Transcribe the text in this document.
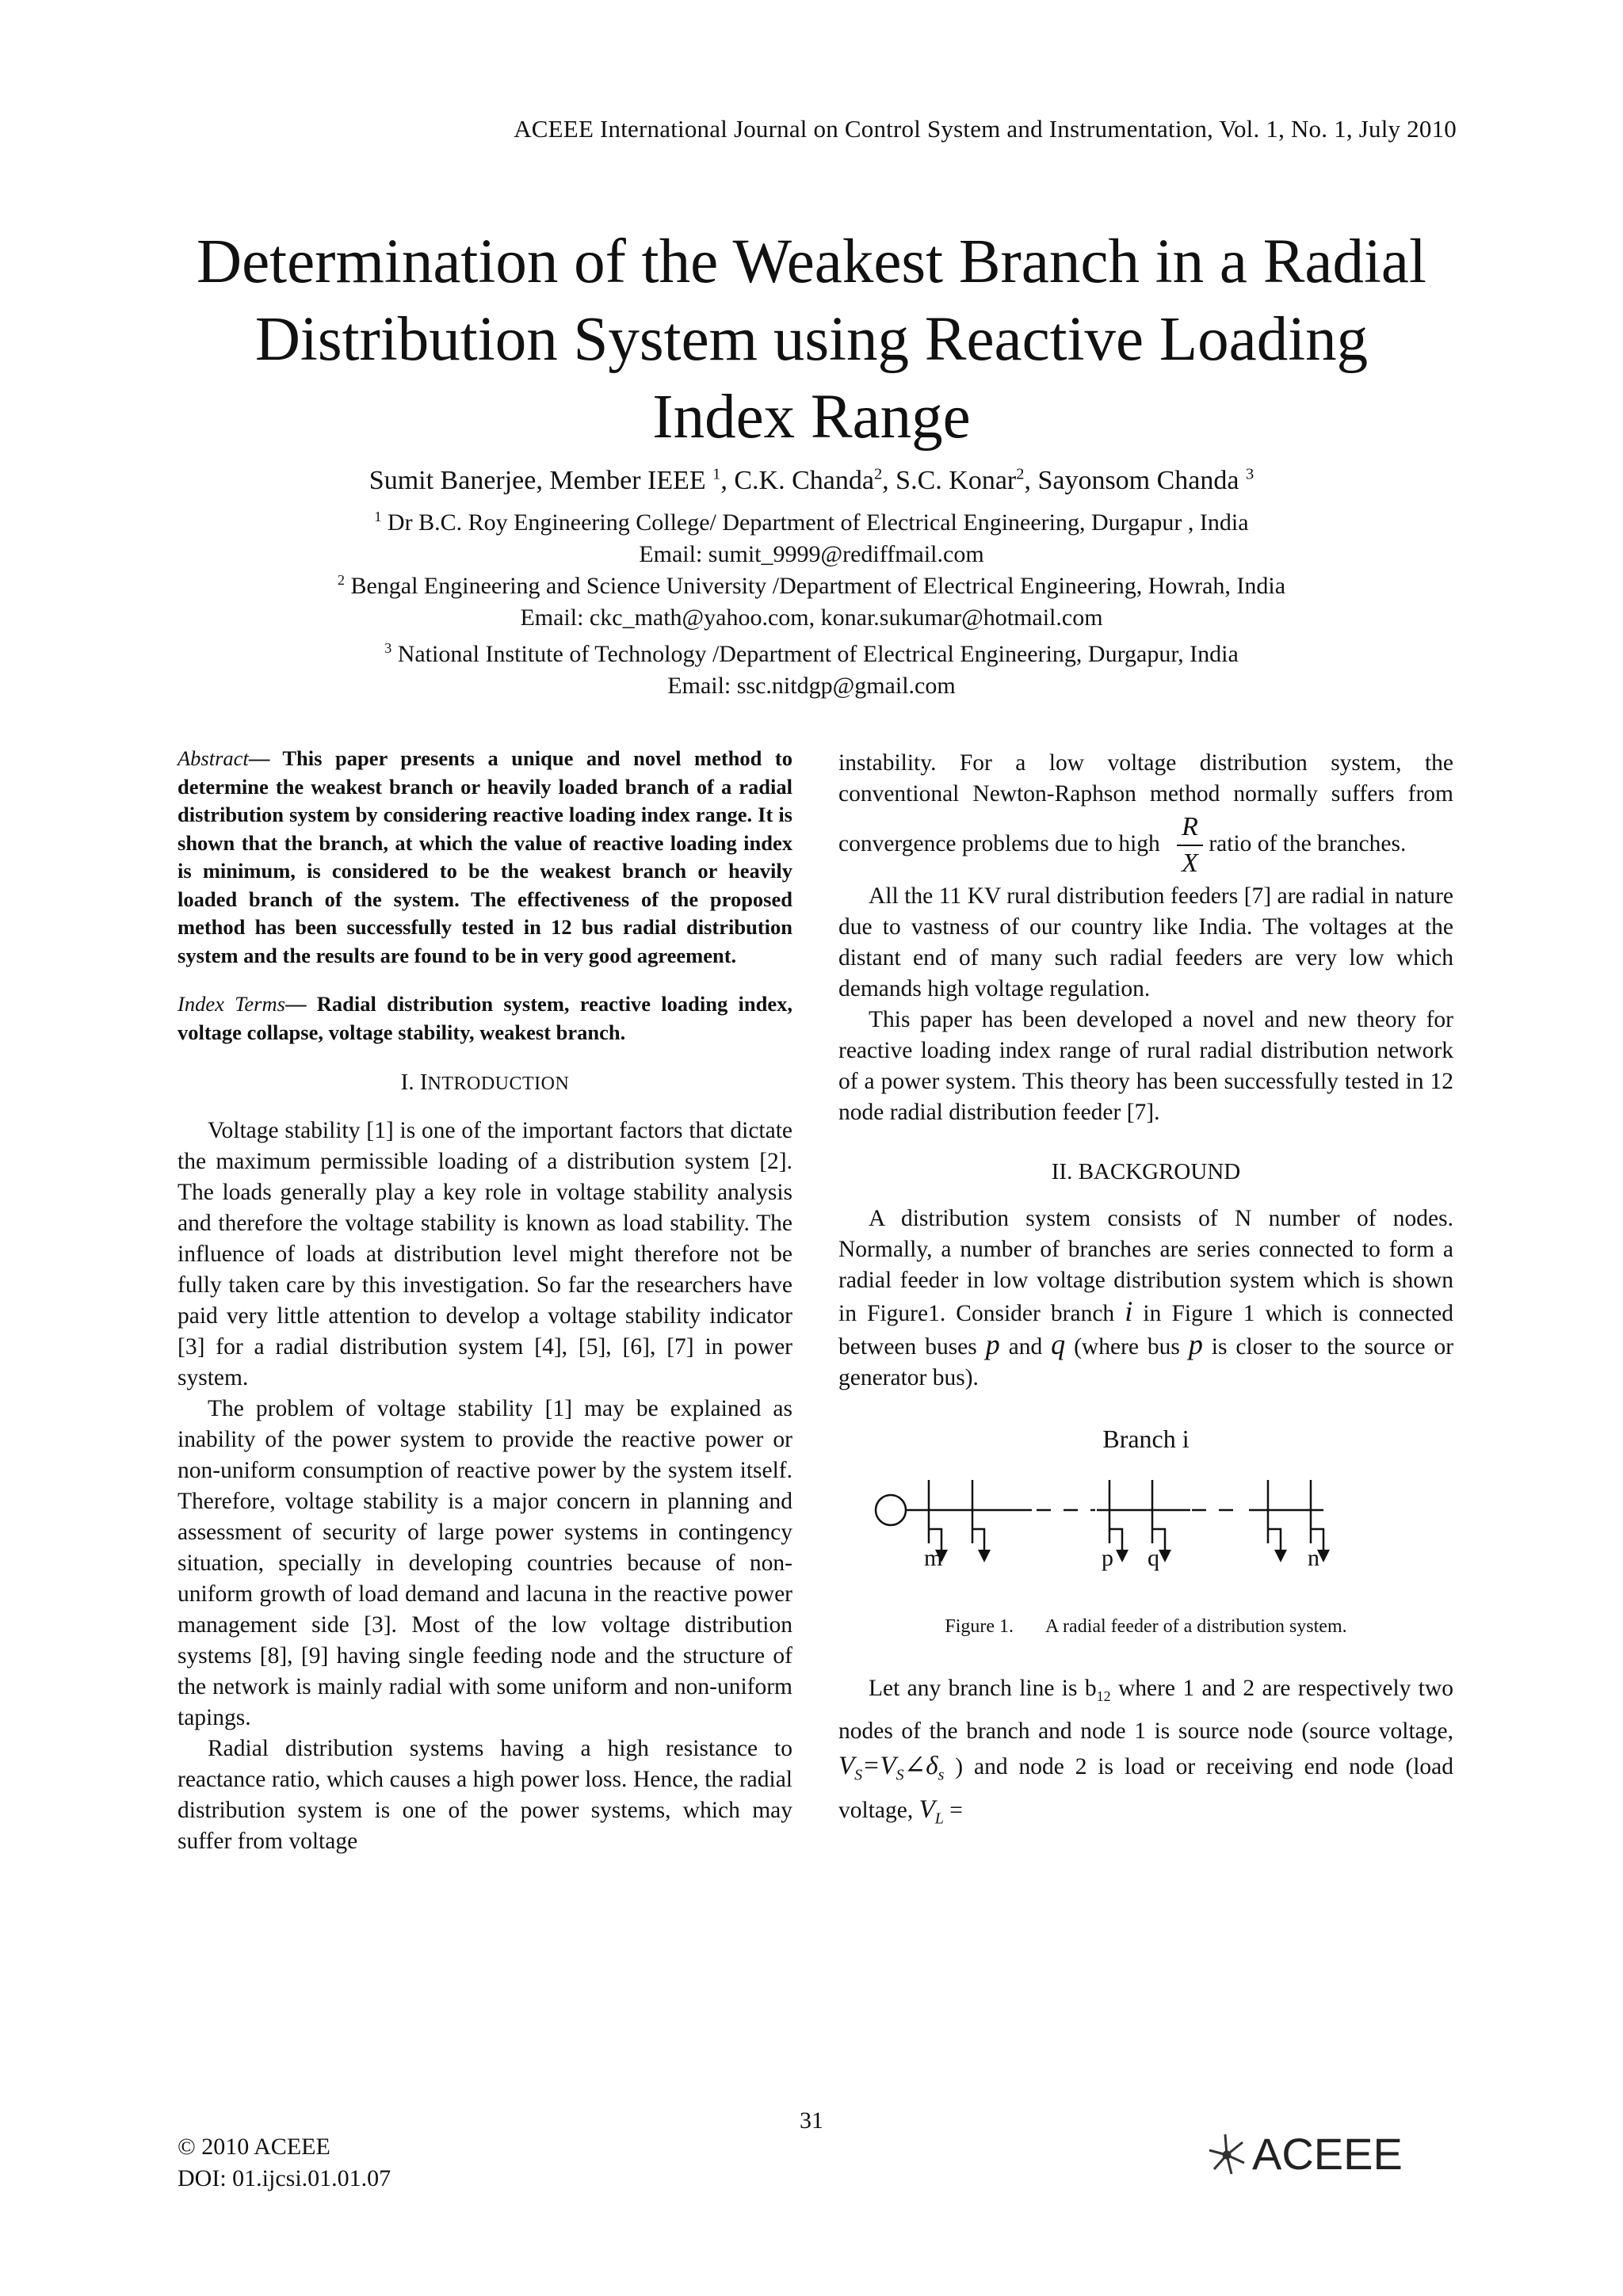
ACEEE International Journal on Control System and Instrumentation, Vol. 1, No. 1, July 2010
Determination of the Weakest Branch in a Radial
Distribution System using Reactive Loading
Index Range
Sumit Banerjee, Member IEEE $^1$, C.K. Chanda$^2$, S.C. Konar$^2$, Sayonsom Chanda $^3$
$^1$ Dr B.C. Roy Engineering College/ Department of Electrical Engineering, Durgapur , India
Email: sumit_9999@rediffmail.com
$^2$ Bengal Engineering and Science University /Department of Electrical Engineering, Howrah, India
Email: ckc_math@yahoo.com, konar.sukumar@hotmail.com
$^3$ National Institute of Technology /Department of Electrical Engineering, Durgapur, India
Email: ssc.nitdgp@gmail.com

Abstract— This paper presents a unique and novel method to determine the weakest branch or heavily loaded branch of a radial distribution system by considering reactive loading index range. It is shown that the branch, at which the value of reactive loading index is minimum, is considered to be the weakest branch or heavily loaded branch of the system. The effectiveness of the proposed method has been successfully tested in 12 bus radial distribution system and the results are found to be in very good agreement.

Index Terms— Radial distribution system, reactive loading index, voltage collapse, voltage stability, weakest branch.

I. INTRODUCTION

Voltage stability [1] is one of the important factors that dictate the maximum permissible loading of a distribution system [2]. The loads generally play a key role in voltage stability analysis and therefore the voltage stability is known as load stability. The influence of loads at distribution level might therefore not be fully taken care by this investigation. So far the researchers have paid very little attention to develop a voltage stability indicator [3] for a radial distribution system [4], [5], [6], [7] in power system.

The problem of voltage stability [1] may be explained as inability of the power system to provide the reactive power or non-uniform consumption of reactive power by the system itself. Therefore, voltage stability is a major concern in planning and assessment of security of large power systems in contingency situation, specially in developing countries because of non-uniform growth of load demand and lacuna in the reactive power management side [3]. Most of the low voltage distribution systems [8], [9] having single feeding node and the structure of the network is mainly radial with some uniform and non-uniform tapings.

Radial distribution systems having a high resistance to reactance ratio, which causes a high power loss. Hence, the radial distribution system is one of the power systems, which may suffer from voltage

instability. For a low voltage distribution system, the conventional Newton-Raphson method normally suffers from convergence problems due to high $\frac{R}{X}$ ratio of the branches.

All the 11 KV rural distribution feeders [7] are radial in nature due to vastness of our country like India. The voltages at the distant end of many such radial feeders are very low which demands high voltage regulation.

This paper has been developed a novel and new theory for reactive loading index range of rural radial distribution network of a power system. This theory has been successfully tested in 12 node radial distribution feeder [7].

II. BACKGROUND

A distribution system consists of N number of nodes. Normally, a number of branches are series connected to form a radial feeder in low voltage distribution system which is shown in Figure1. Consider branch i in Figure 1 which is connected between buses p and q (where bus p is closer to the source or generator bus).

Branch i
m	p q	n
Figure 1. A radial feeder of a distribution system.

Let any branch line is $b_{12}$ where 1 and 2 are respectively two nodes of the branch and node 1 is source node (source voltage, $V_S=V_S\angle\delta_s$ ) and node 2 is load or receiving end node (load voltage, $V_L$ =

31
© 2010 ACEEE
DOI: 01.ijcsi.01.01.07	ACEEE
